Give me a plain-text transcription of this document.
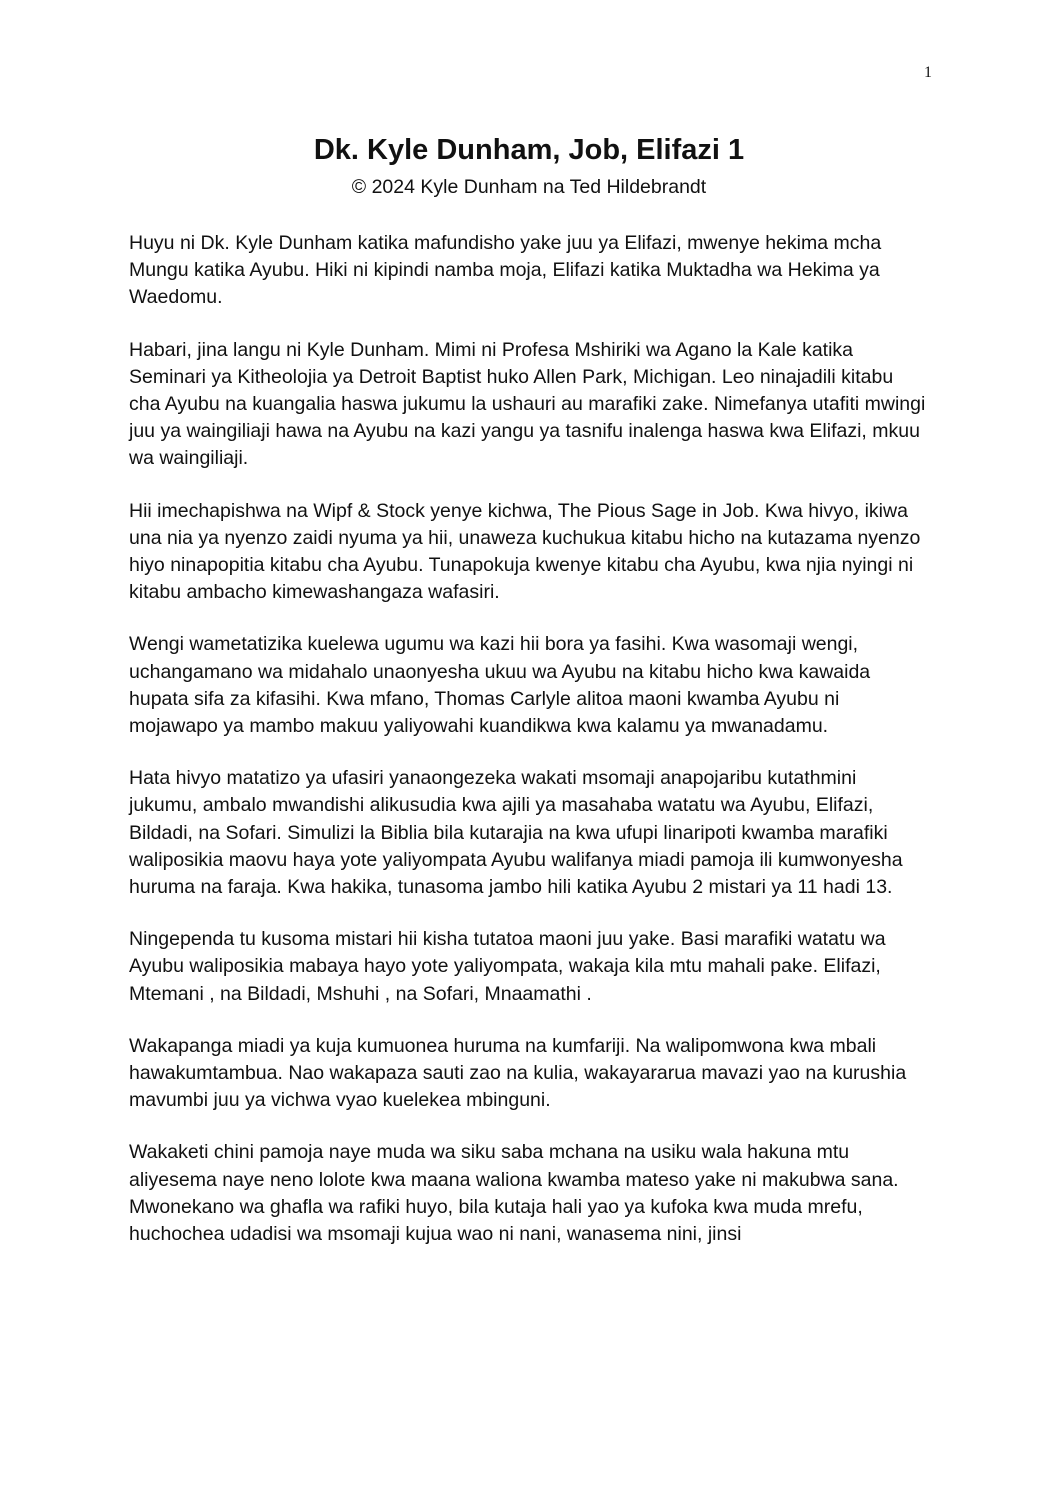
1
Dk. Kyle Dunham, Job, Elifazi 1

© 2024 Kyle Dunham na Ted Hildebrandt

Huyu ni Dk. Kyle Dunham katika mafundisho yake juu ya Elifazi, mwenye hekima mcha Mungu katika Ayubu. Hiki ni kipindi namba moja, Elifazi katika Muktadha wa Hekima ya Waedomu.

Habari, jina langu ni Kyle Dunham. Mimi ni Profesa Mshiriki wa Agano la Kale katika Seminari ya Kitheolojia ya Detroit Baptist huko Allen Park, Michigan. Leo ninajadili kitabu cha Ayubu na kuangalia haswa jukumu la ushauri au marafiki zake. Nimefanya utafiti mwingi juu ya waingiliaji hawa na Ayubu na kazi yangu ya tasnifu inalenga haswa kwa Elifazi, mkuu wa waingiliaji.

Hii imechapishwa na Wipf & Stock yenye kichwa, The Pious Sage in Job. Kwa hivyo, ikiwa una nia ya nyenzo zaidi nyuma ya hii, unaweza kuchukua kitabu hicho na kutazama nyenzo hiyo ninapopitia kitabu cha Ayubu. Tunapokuja kwenye kitabu cha Ayubu, kwa njia nyingi ni kitabu ambacho kimewashangaza wafasiri.

Wengi wametatizika kuelewa ugumu wa kazi hii bora ya fasihi. Kwa wasomaji wengi, uchangamano wa midahalo unaonyesha ukuu wa Ayubu na kitabu hicho kwa kawaida hupata sifa za kifasihi. Kwa mfano, Thomas Carlyle alitoa maoni kwamba Ayubu ni mojawapo ya mambo makuu yaliyowahi kuandikwa kwa kalamu ya mwanadamu.

Hata hivyo matatizo ya ufasiri yanaongezeka wakati msomaji anapojaribu kutathmini jukumu, ambalo mwandishi alikusudia kwa ajili ya masahaba watatu wa Ayubu, Elifazi, Bildadi, na Sofari. Simulizi la Biblia bila kutarajia na kwa ufupi linaripoti kwamba marafiki waliposikia maovu haya yote yaliyompata Ayubu walifanya miadi pamoja ili kumwonyesha huruma na faraja. Kwa hakika, tunasoma jambo hili katika Ayubu 2 mistari ya 11 hadi 13.

Ningependa tu kusoma mistari hii kisha tutatoa maoni juu yake. Basi marafiki watatu wa Ayubu waliposikia mabaya hayo yote yaliyompata, wakaja kila mtu mahali pake. Elifazi, Mtemani , na Bildadi, Mshuhi , na Sofari, Mnaamathi .

Wakapanga miadi ya kuja kumuonea huruma na kumfariji. Na walipomwona kwa mbali hawakumtambua. Nao wakapaza sauti zao na kulia, wakayararua mavazi yao na kurushia mavumbi juu ya vichwa vyao kuelekea mbinguni.

Wakaketi chini pamoja naye muda wa siku saba mchana na usiku wala hakuna mtu aliyesema naye neno lolote kwa maana waliona kwamba mateso yake ni makubwa sana. Mwonekano wa ghafla wa rafiki huyo, bila kutaja hali yao ya kufoka kwa muda mrefu, huchochea udadisi wa msomaji kujua wao ni nani, wanasema nini, jinsi
